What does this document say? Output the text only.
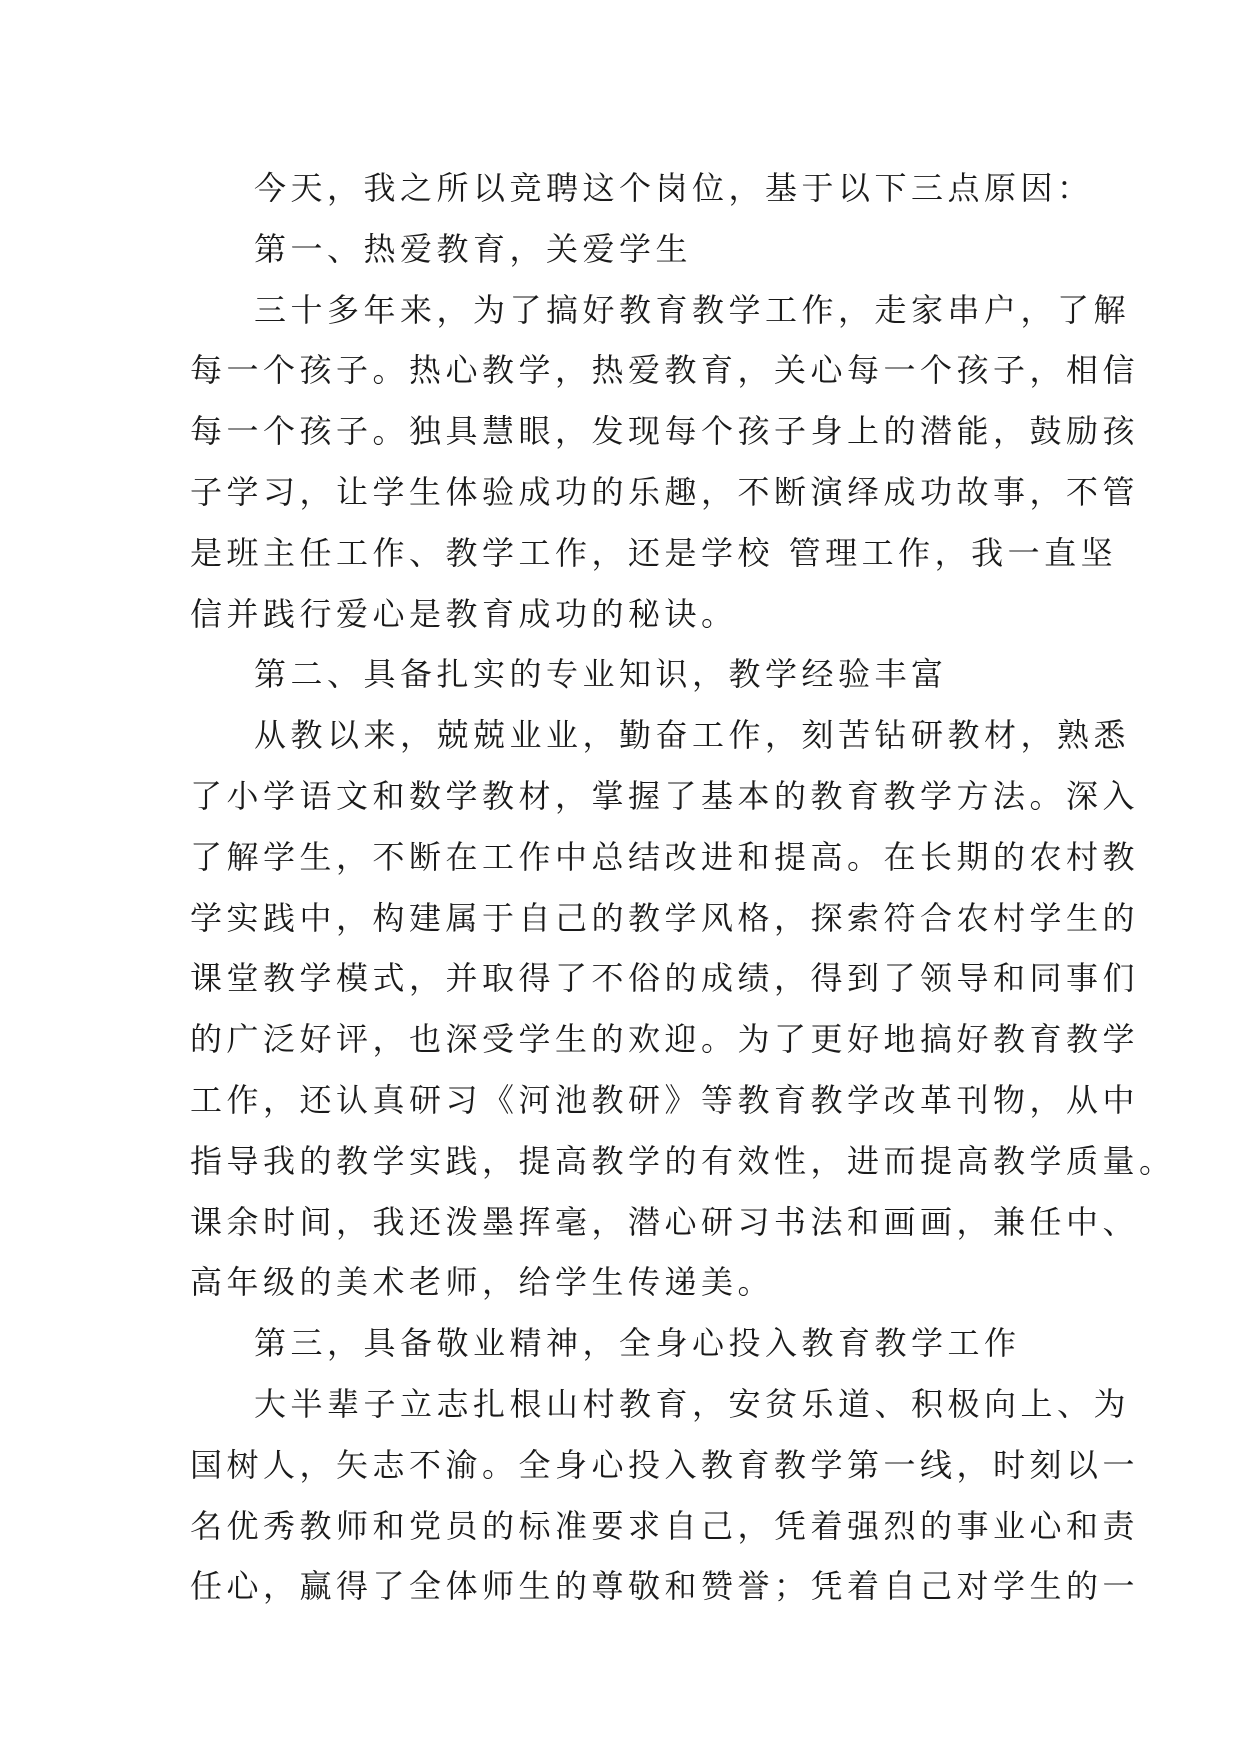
今天，我之所以竞聘这个岗位，基于以下三点原因：
第一、热爱教育，关爱学生
三十多年来，为了搞好教育教学工作，走家串户，了解
每一个孩子。热心教学，热爱教育，关心每一个孩子，相信
每一个孩子。独具慧眼，发现每个孩子身上的潜能，鼓励孩
子学习，让学生体验成功的乐趣，不断演绎成功故事，不管
是班主任工作、教学工作，还是学校 管理工作，我一直坚
信并践行爱心是教育成功的秘诀。
第二、具备扎实的专业知识，教学经验丰富
从教以来，兢兢业业，勤奋工作，刻苦钻研教材，熟悉
了小学语文和数学教材，掌握了基本的教育教学方法。深入
了解学生，不断在工作中总结改进和提高。在长期的农村教
学实践中，构建属于自己的教学风格，探索符合农村学生的
课堂教学模式，并取得了不俗的成绩，得到了领导和同事们
的广泛好评，也深受学生的欢迎。为了更好地搞好教育教学
工作，还认真研习《河池教研》等教育教学改革刊物，从中
指导我的教学实践，提高教学的有效性，进而提高教学质量。
课余时间，我还泼墨挥毫，潜心研习书法和画画，兼任中、
高年级的美术老师，给学生传递美。
第三，具备敬业精神，全身心投入教育教学工作
大半辈子立志扎根山村教育，安贫乐道、积极向上、为
国树人，矢志不渝。全身心投入教育教学第一线，时刻以一
名优秀教师和党员的标准要求自己，凭着强烈的事业心和责
任心，赢得了全体师生的尊敬和赞誉；凭着自己对学生的一
